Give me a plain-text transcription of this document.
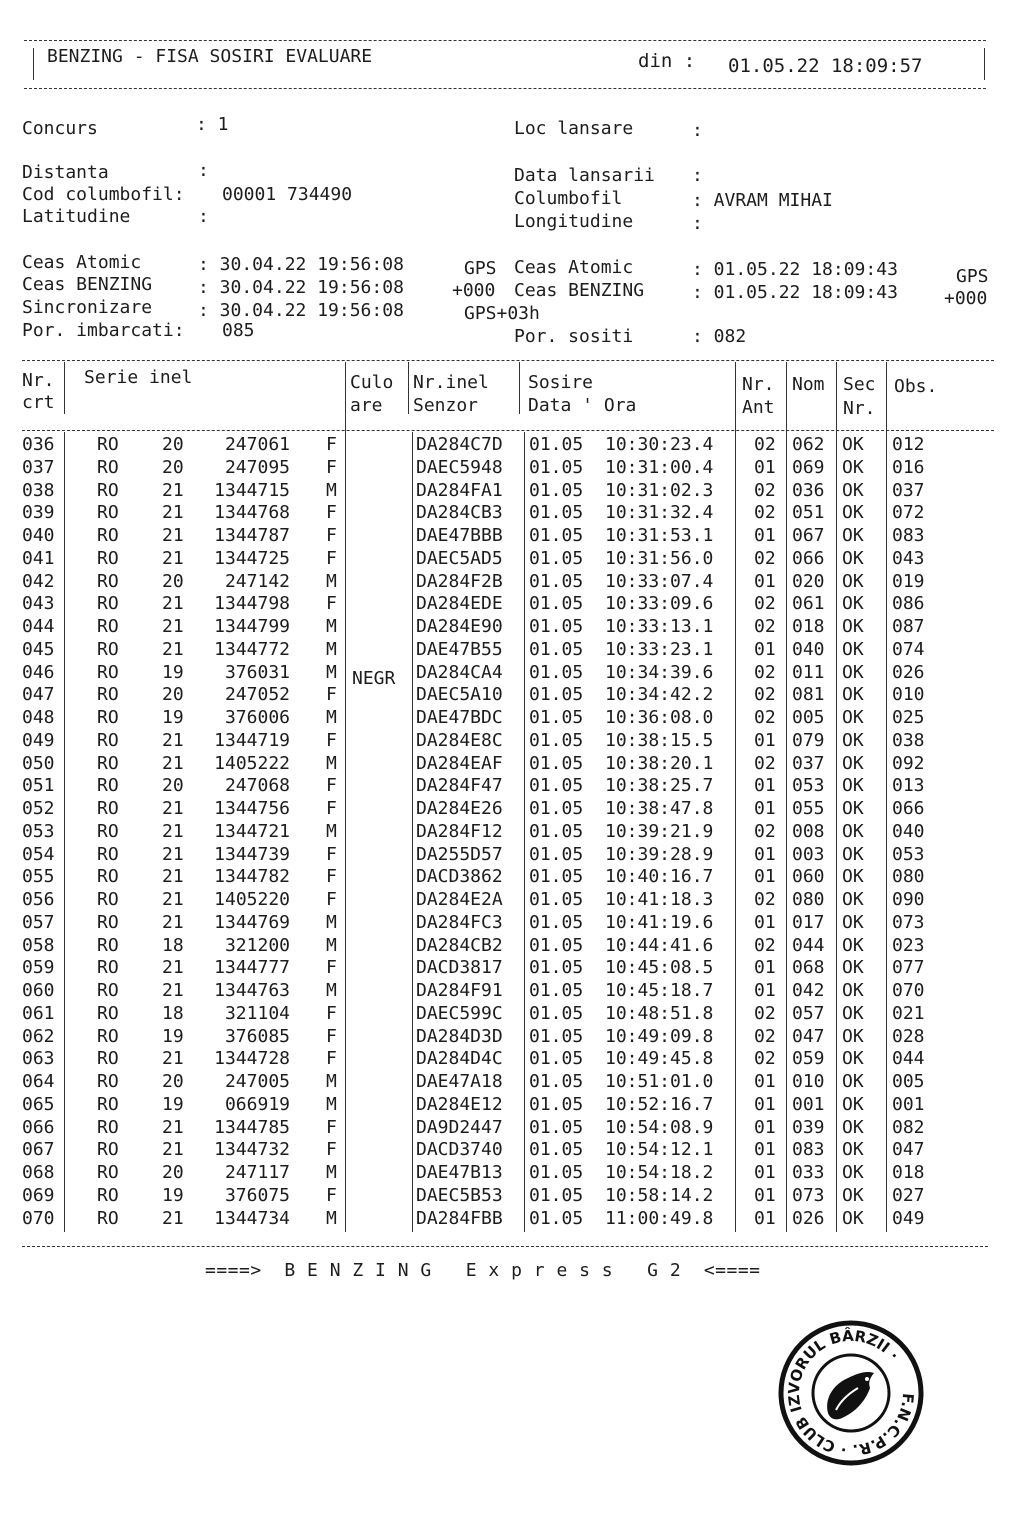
BENZING - FISA SOSIRI EVALUARE	din : 01.05.22 18:09:57
Concurs	: 1
Distanta	:
Cod columbofil: 00001 734490
Latitudine	:
Ceas Atomic	: 30.04.22 19:56:08	GPS
Ceas BENZING	: 30.04.22 19:56:08	+000
Sincronizare	: 30.04.22 19:56:08	GPS+03h
Por. imbarcati: 085
Loc lansare	:
Data lansarii :
Columbofil	: AVRAM MIHAI
Longitudine	:
Ceas Atomic	: 01.05.22 18:09:43	GPS
Ceas BENZING	: 01.05.22 18:09:43	+000
Por. sositi	: 082
Nr.
crt
Serie inel	Culo
are
Nr.inel
Senzor
Sosire
Data ' Ora
Nr.
Ant
Nom Sec
Nr.
Obs.
NEGR
036 RO 20 247061 F	DA284C7D 01.05 10:30:23.4 02 062 OK 012
037 RO 20 247095 F	DAEC5948 01.05 10:31:00.4 01 069 OK 016
038 RO 21 1344715 M	DA284FA1 01.05 10:31:02.3 02 036 OK 037
039 RO 21 1344768 F	DA284CB3 01.05 10:31:32.4 02 051 OK 072
040 RO 21 1344787 F	DAE47BBB 01.05 10:31:53.1 01 067 OK 083
041 RO 21 1344725 F	DAEC5AD5 01.05 10:31:56.0 02 066 OK 043
042 RO 20 247142 M	DA284F2B 01.05 10:33:07.4 01 020 OK 019
043 RO 21 1344798 F	DA284EDE 01.05 10:33:09.6 02 061 OK 086
044 RO 21 1344799 M	DA284E90 01.05 10:33:13.1 02 018 OK 087
045 RO 21 1344772 M	DAE47B55 01.05 10:33:23.1 01 040 OK 074
046 RO 19 376031 M	DA284CA4 01.05 10:34:39.6 02 011 OK 026
047 RO 20 247052 F	DAEC5A10 01.05 10:34:42.2 02 081 OK 010
048 RO 19 376006 M	DAE47BDC 01.05 10:36:08.0 02 005 OK 025
049 RO 21 1344719 F	DA284E8C 01.05 10:38:15.5 01 079 OK 038
050 RO 21 1405222 M	DA284EAF 01.05 10:38:20.1 02 037 OK 092
051 RO 20 247068 F	DA284F47 01.05 10:38:25.7 01 053 OK 013
052 RO 21 1344756 F	DA284E26 01.05 10:38:47.8 01 055 OK 066
053 RO 21 1344721 M	DA284F12 01.05 10:39:21.9 02 008 OK 040
054 RO 21 1344739 F	DA255D57 01.05 10:39:28.9 01 003 OK 053
055 RO 21 1344782 F	DACD3862 01.05 10:40:16.7 01 060 OK 080
056 RO 21 1405220 F	DA284E2A 01.05 10:41:18.3 02 080 OK 090
057 RO 21 1344769 M	DA284FC3 01.05 10:41:19.6 01 017 OK 073
058 RO 18 321200 M	DA284CB2 01.05 10:44:41.6 02 044 OK 023
059 RO 21 1344777 F	DACD3817 01.05 10:45:08.5 01 068 OK 077
060 RO 21 1344763 M	DA284F91 01.05 10:45:18.7 01 042 OK 070
061 RO 18 321104 F	DAEC599C 01.05 10:48:51.8 02 057 OK 021
062 RO 19 376085 F	DA284D3D 01.05 10:49:09.8 02 047 OK 028
063 RO 21 1344728 F	DA284D4C 01.05 10:49:45.8 02 059 OK 044
064 RO 20 247005 M	DAE47A18 01.05 10:51:01.0 01 010 OK 005
065 RO 19 066919 M	DA284E12 01.05 10:52:16.7 01 001 OK 001
066 RO 21 1344785 F	DA9D2447 01.05 10:54:08.9 01 039 OK 082
067 RO 21 1344732 F	DACD3740 01.05 10:54:12.1 01 083 OK 047
068 RO 20 247117 M	DAE47B13 01.05 10:54:18.2 01 033 OK 018
069 RO 19 376075 F	DAEC5B53 01.05 10:58:14.2 01 073 OK 027
070 RO 21 1344734 M	DA284FBB 01.05 11:00:49.8 01 026 OK 049
====>  B E N Z I N G   E x p r e s s   G 2  <====
F.N.C.P.R. · CLUB IZVORUL BÂRZII ·
